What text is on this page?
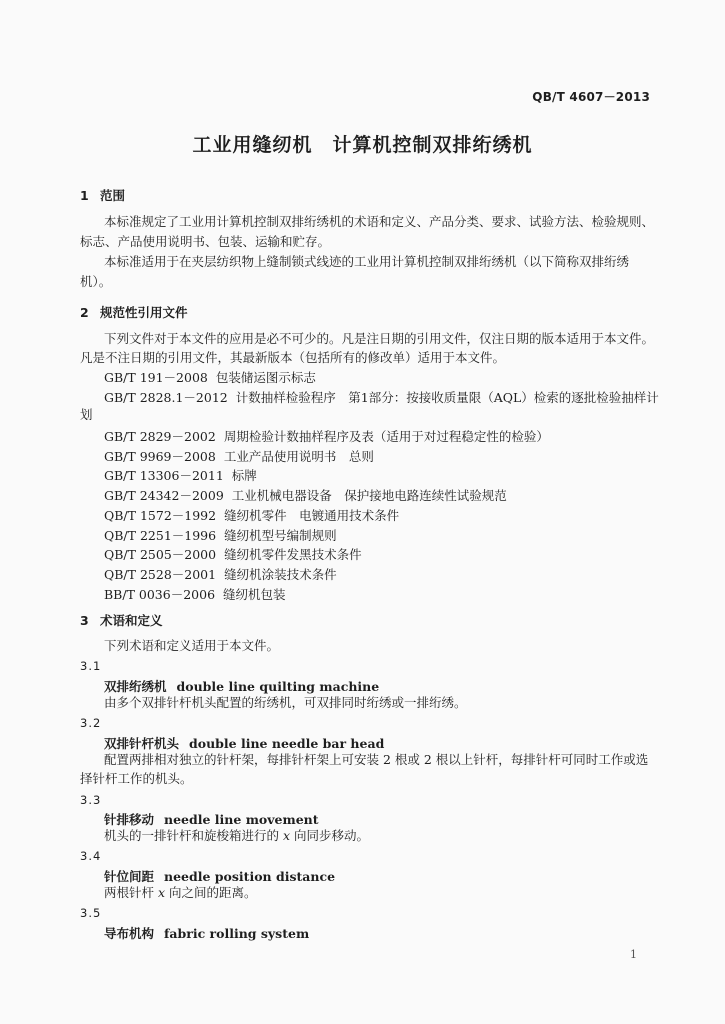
QB/T 4607－2013
工业用缝纫机　计算机控制双排绗绣机
1 范围
本标准规定了工业用计算机控制双排绗绣机的术语和定义、产品分类、要求、试验方法、检验规则、
标志、产品使用说明书、包装、运输和贮存。
本标准适用于在夹层纺织物上缝制锁式线迹的工业用计算机控制双排绗绣机（以下简称双排绗绣
机）。
2 规范性引用文件
下列文件对于本文件的应用是必不可少的。凡是注日期的引用文件，仅注日期的版本适用于本文件。
凡是不注日期的引用文件，其最新版本（包括所有的修改单）适用于本文件。
GB/T 191－2008 包装储运图示标志
GB/T 2828.1－2012 计数抽样检验程序　第1部分：按接收质量限（AQL）检索的逐批检验抽样计
GB/T 2829－2002 周期检验计数抽样程序及表（适用于对过程稳定性的检验）
GB/T 9969－2008 工业产品使用说明书　总则
GB/T 13306－2011 标牌
GB/T 24342－2009 工业机械电器设备　保护接地电路连续性试验规范
QB/T 1572－1992 缝纫机零件　电镀通用技术条件
QB/T 2251－1996 缝纫机型号编制规则
QB/T 2505－2000 缝纫机零件发黑技术条件
QB/T 2528－2001 缝纫机涂装技术条件
BB/T 0036－2006 缝纫机包装
划
3 术语和定义
下列术语和定义适用于本文件。
3.1
双排绗绣机 double line quilting machine
由多个双排针杆机头配置的绗绣机，可双排同时绗绣或一排绗绣。
3.2
双排针杆机头 double line needle bar head
配置两排相对独立的针杆架，每排针杆架上可安装 2 根或 2 根以上针杆，每排针杆可同时工作或选
择针杆工作的机头。
3.3
针排移动 needle line movement
机头的一排针杆和旋梭箱进行的 x 向同步移动。
3.4
针位间距 needle position distance
两根针杆 x 向之间的距离。
3.5
导布机构 fabric rolling system
1
